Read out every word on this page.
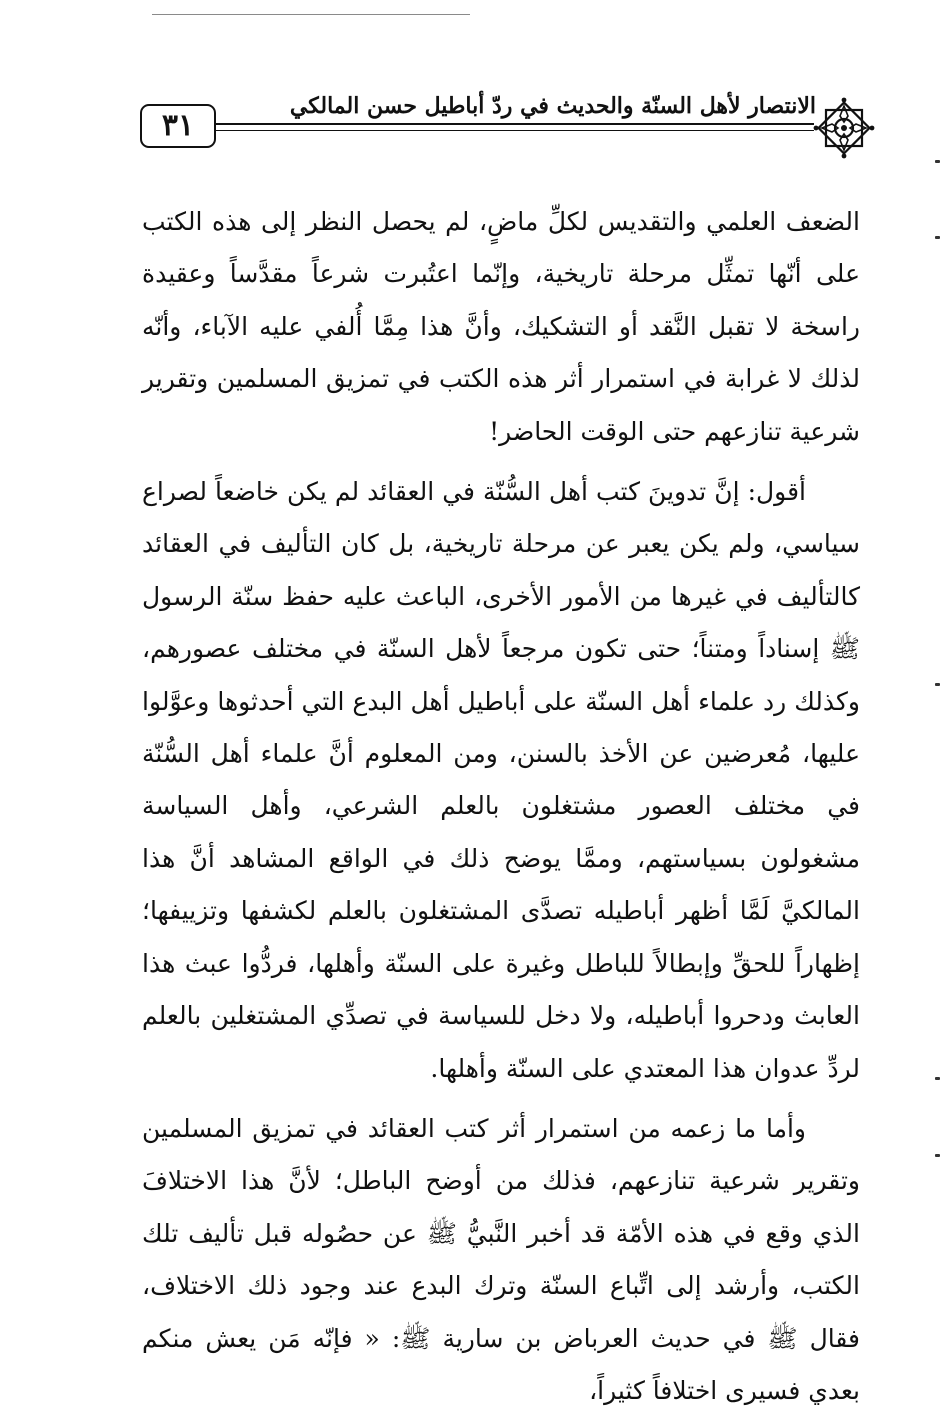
٣١
الانتصار لأهل السنّة والحديث في ردّ أباطيل حسن المالكي

الضعف العلمي والتقديس لكلِّ ماضٍ، لم يحصل النظر إلى هذه الكتب على أنّها تمثِّل مرحلة تاريخية، وإنّما اعتُبرت شرعاً مقدَّساً وعقيدة راسخة لا تقبل النَّقد أو التشكيك، وأنَّ هذا مِمَّا أُلفي عليه الآباء، وأنّه لذلك لا غرابة في استمرار أثر هذه الكتب في تمزيق المسلمين وتقرير شرعية تنازعهم حتى الوقت الحاضر!

أقول: إنَّ تدوينَ كتب أهل السُّنّة في العقائد لم يكن خاضعاً لصراع سياسي، ولم يكن يعبر عن مرحلة تاريخية، بل كان التأليف في العقائد كالتأليف في غيرها من الأمور الأخرى، الباعث عليه حفظ سنّة الرسول ﷺ إسناداً ومتناً؛ حتى تكون مرجعاً لأهل السنّة في مختلف عصورهم، وكذلك رد علماء أهل السنّة على أباطيل أهل البدع التي أحدثوها وعوَّلوا عليها، مُعرضين عن الأخذ بالسنن، ومن المعلوم أنَّ علماء أهل السُّنّة في مختلف العصور مشتغلون بالعلم الشرعي، وأهل السياسة مشغولون بسياستهم، وممَّا يوضح ذلك في الواقع المشاهد أنَّ هذا المالكيَّ لَمَّا أظهر أباطيله تصدَّى المشتغلون بالعلم لكشفها وتزييفها؛ إظهاراً للحقِّ وإبطالاً للباطل وغيرة على السنّة وأهلها، فردُّوا عبث هذا العابث ودحروا أباطيله، ولا دخل للسياسة في تصدِّي المشتغلين بالعلم لردِّ عدوان هذا المعتدي على السنّة وأهلها.

وأما ما زعمه من استمرار أثر كتب العقائد في تمزيق المسلمين وتقرير شرعية تنازعهم، فذلك من أوضح الباطل؛ لأنَّ هذا الاختلافَ الذي وقع في هذه الأمّة قد أخبر النَّبيُّ ﷺ عن حصُوله قبل تأليف تلك الكتب، وأرشد إلى اتِّباع السنّة وترك البدع عند وجود ذلك الاختلاف، فقال ﷺ في حديث العرباض بن سارية ﷺ: « فإنّه مَن يعش منكم بعدي فسيرى اختلافاً كثيراً،
